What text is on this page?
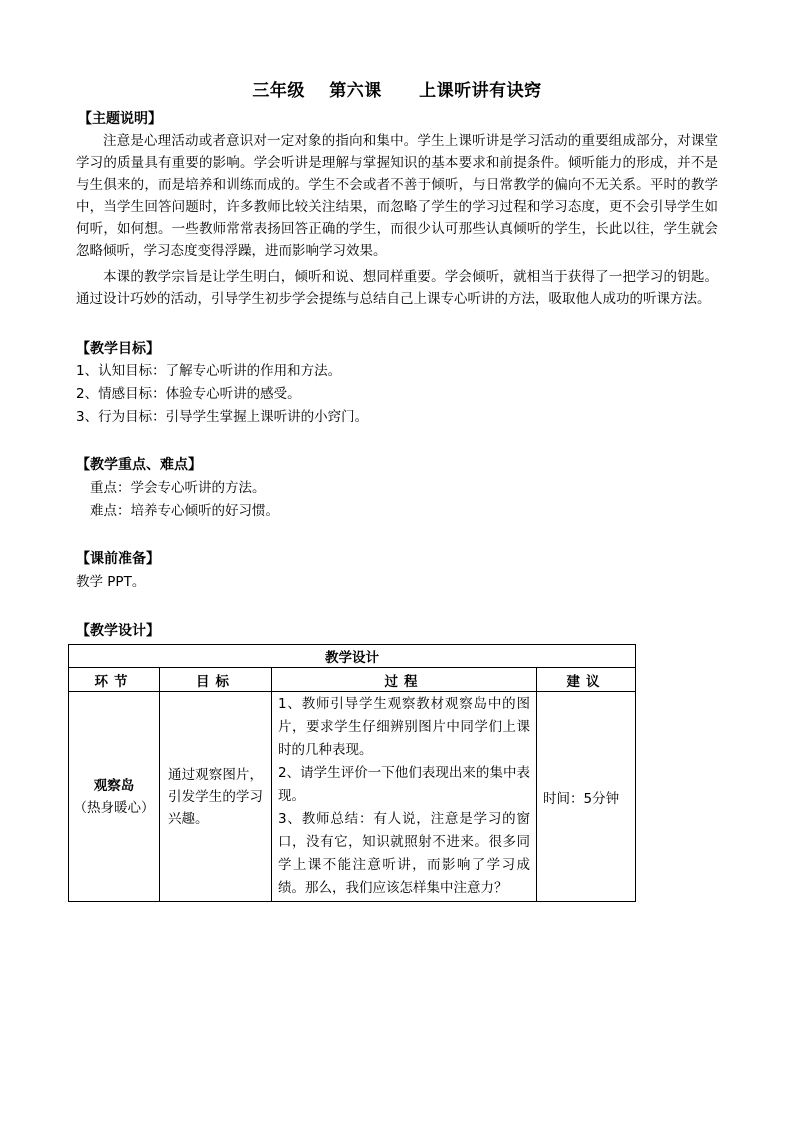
三年级 第六课 上课听讲有诀窍
【主题说明】

注意是心理活动或者意识对一定对象的指向和集中。学生上课听讲是学习活动的重要组成部分，对课堂学习的质量具有重要的影响。学会听讲是理解与掌握知识的基本要求和前提条件。倾听能力的形成，并不是与生俱来的，而是培养和训练而成的。学生不会或者不善于倾听，与日常教学的偏向不无关系。平时的教学中，当学生回答问题时，许多教师比较关注结果，而忽略了学生的学习过程和学习态度，更不会引导学生如何听，如何想。一些教师常常表扬回答正确的学生，而很少认可那些认真倾听的学生，长此以往，学生就会忽略倾听，学习态度变得浮躁，进而影响学习效果。

本课的教学宗旨是让学生明白，倾听和说、想同样重要。学会倾听，就相当于获得了一把学习的钥匙。通过设计巧妙的活动，引导学生初步学会提练与总结自己上课专心听讲的方法，吸取他人成功的听课方法。

【教学目标】
1、认知目标：了解专心听讲的作用和方法。
2、情感目标：体验专心听讲的感受。
3、行为目标：引导学生掌握上课听讲的小窍门。
【教学重点、难点】
重点：学会专心听讲的方法。
难点：培养专心倾听的好习惯。
【课前准备】
教学 PPT。
【教学设计】
教学设计			
环节	目标	过程	建议

观察岛
（热身暖心）	通过观察图片，引发学生的学习兴趣。	1、教师引导学生观察教材观察岛中的图片，要求学生仔细辨别图片中同学们上课时的几种表现。
2、请学生评价一下他们表现出来的集中表现。
3、教师总结：有人说，注意是学习的窗口，没有它，知识就照射不进来。很多同学上课不能注意听讲，而影响了学习成绩。那么，我们应该怎样集中注意力？	时间：5分钟
